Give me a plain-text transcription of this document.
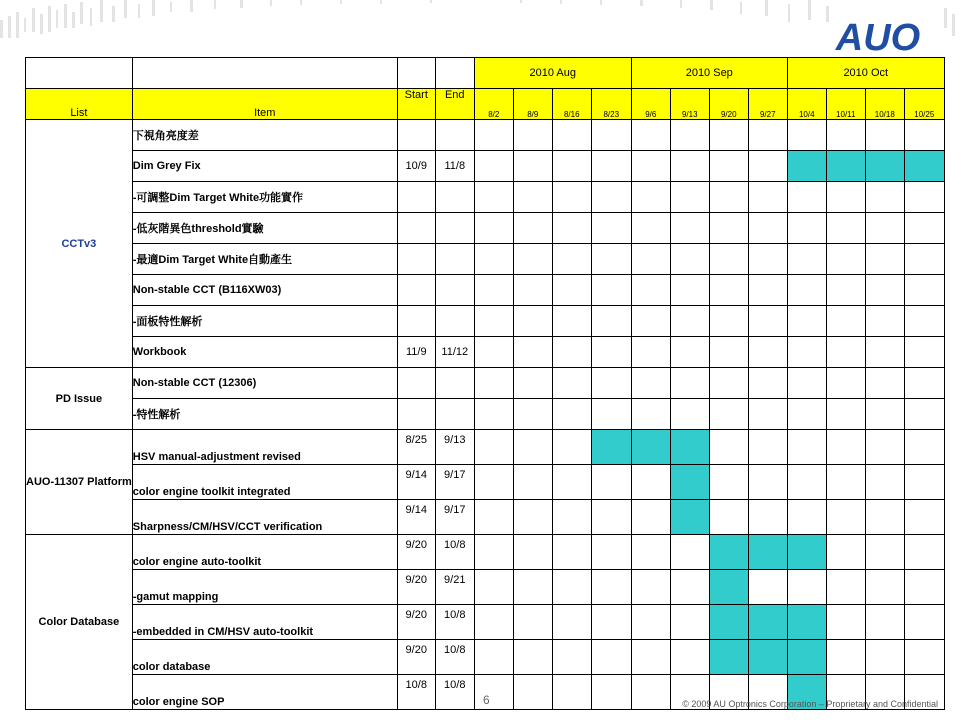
AUO
				2010 Aug				2010 Sep				2010 Oct			
List	Item	Start	End	8/2	8/9	8/16	8/23	9/6	9/13	9/20	9/27	10/4	10/11	10/18	10/25
CCTv3	下視角亮度差														
	Dim Grey Fix	10/9	11/8												
	-可調整Dim Target White功能實作														
	-低灰階異色threshold實驗														
	-最適Dim Target White自動產生														
	Non-stable CCT (B116XW03)														
	-面板特性解析														
	Workbook	11/9	11/12												
PD Issue	Non-stable CCT (12306)														
	-特性解析														
AUO-11307 Platform	HSV manual-adjustment revised	8/25	9/13												
	color engine toolkit integrated	9/14	9/17												
	Sharpness/CM/HSV/CCT verification	9/14	9/17												
Color Database	color engine auto-toolkit	9/20	10/8												
	-gamut mapping	9/20	9/21												
	-embedded in CM/HSV auto-toolkit	9/20	10/8												
	color database	9/20	10/8												
	color engine SOP	10/8	10/8												
6	© 2009 AU Optronics Corporation – Proprietary and Confidential
